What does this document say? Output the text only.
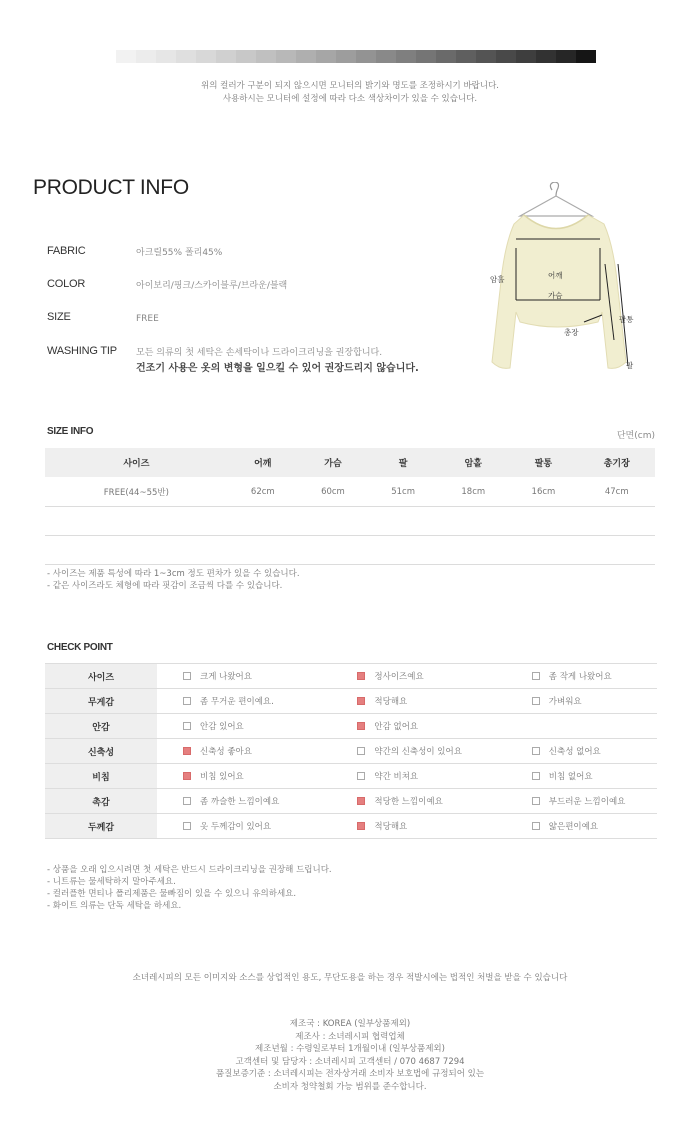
위의 컬러가 구분이 되지 않으시면 모니터의 밝기와 명도를 조정하시기 바랍니다.
사용하시는 모니터에 설정에 따라 다소 색상차이가 있을 수 있습니다.
PRODUCT INFO
FABRIC	아크릴55% 폴리45%
COLOR	아이보리/핑크/스카이블루/브라운/블랙
SIZE	FREE
WASHING TIP	모든 의류의 첫 세탁은 손세탁이나 드라이크리닝을 권장합니다.
건조기 사용은 옷의 변형을 일으킬 수 있어 권장드리지 않습니다.
암홀	어깨
가슴
팔통
총장
팔
SIZE INFO	단면(cm)
사이즈	어깨	가슴	팔	암홀	팔통	총기장
FREE(44~55반)	62cm	60cm	51cm	18cm	16cm	47cm

- 사이즈는 제품 특성에 따라 1~3cm 정도 편차가 있을 수 있습니다.
- 같은 사이즈라도 체형에 따라 핏감이 조금씩 다를 수 있습니다.
CHECK POINT
사이즈	크게 나왔어요	정사이즈예요	좀 작게 나왔어요
무게감	좀 무거운 편이예요.	적당해요	가벼워요
안감	안감 있어요	안감 없어요	
신축성	신축성 좋아요	약간의 신축성이 있어요	신축성 없어요
비침	비침 있어요	약간 비쳐요	비침 없어요
촉감	좀 까슬한 느낌이예요	적당한 느낌이예요	부드러운 느낌이예요
두께감	옷 두께감이 있어요	적당해요	얇은편이예요
- 상품을 오래 입으시려면 첫 세탁은 반드시 드라이크리닝을 권장해 드립니다.
- 니트류는 물세탁하지 말아주세요.
- 컬러플한 면티나 폴리제품은 물빠짐이 있을 수 있으니 유의하세요.
- 화이트 의류는 단독 세탁을 하세요.
소녀레시피의 모든 이미지와 소스를 상업적인 용도, 무단도용을 하는 경우 적발시에는 법적인 처벌을 받을 수 있습니다
제조국 : KOREA (일부상품제외)
제조사 : 소녀레시피 협력업체
제조년월 : 수령일로부터 1개월이내 (일부상품제외)
고객센터 및 담당자 : 소녀레시피 고객센터 / 070 4687 7294
품질보증기준 : 소녀레시피는 전자상거래 소비자 보호법에 규정되어 있는
소비자 청약철회 가능 범위를 준수합니다.
